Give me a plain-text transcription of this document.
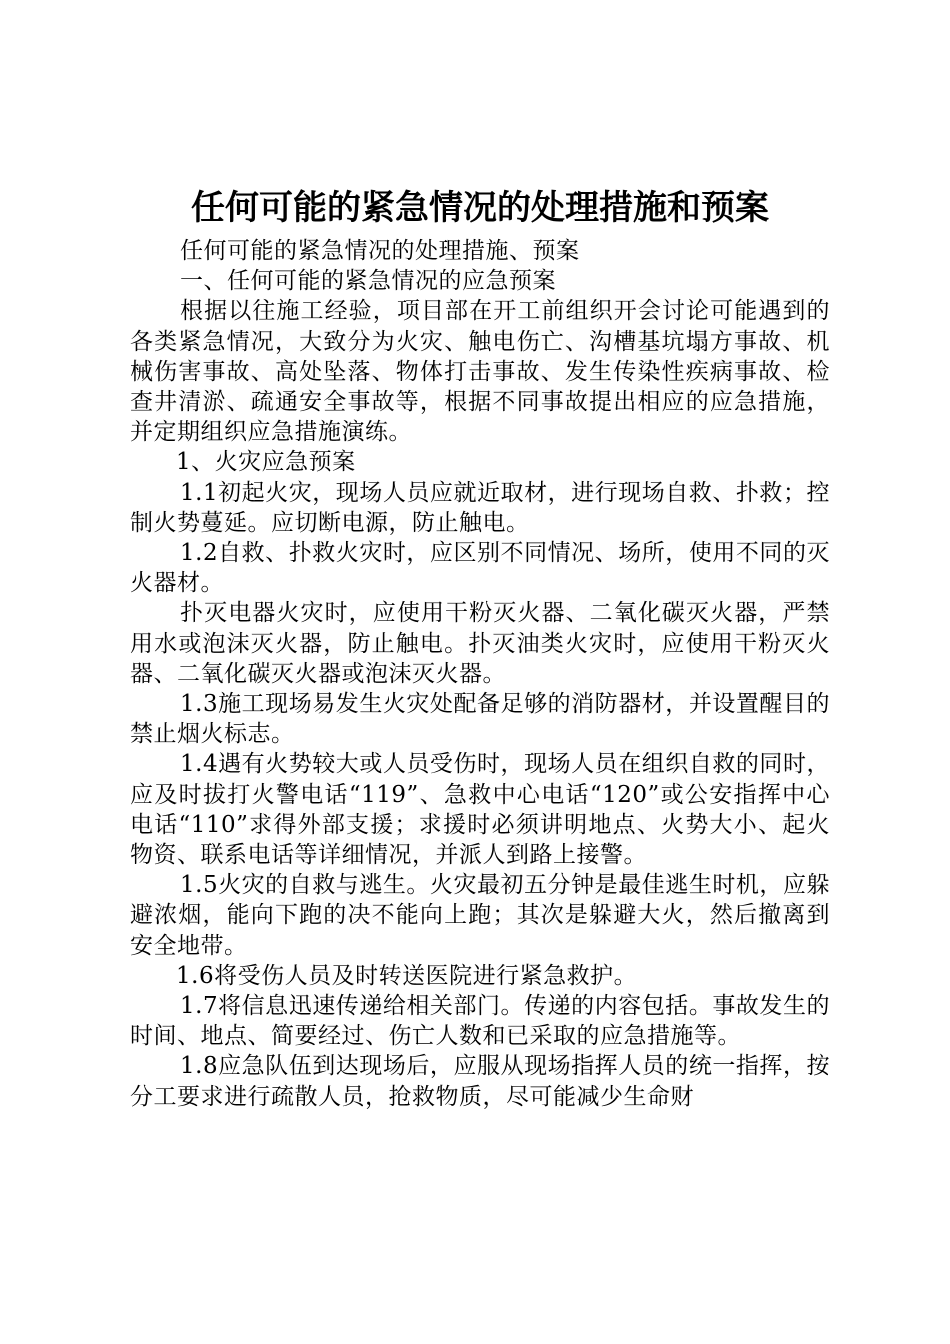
任何可能的紧急情况的处理措施和预案

任何可能的紧急情况的处理措施、预案

一、任何可能的紧急情况的应急预案

根据以往施工经验，项目部在开工前组织开会讨论可能遇到的各类紧急情况，大致分为火灾、触电伤亡、沟槽基坑塌方事故、机械伤害事故、高处坠落、物体打击事故、发生传染性疾病事故、检查井清淤、疏通安全事故等，根据不同事故提出相应的应急措施，并定期组织应急措施演练。

1、火灾应急预案

1.1初起火灾，现场人员应就近取材，进行现场自救、扑救；控制火势蔓延。应切断电源，防止触电。

1.2自救、扑救火灾时，应区别不同情况、场所，使用不同的灭火器材。

扑灭电器火灾时，应使用干粉灭火器、二氧化碳灭火器，严禁用水或泡沫灭火器，防止触电。扑灭油类火灾时，应使用干粉灭火器、二氧化碳灭火器或泡沫灭火器。

1.3施工现场易发生火灾处配备足够的消防器材，并设置醒目的禁止烟火标志。

1.4遇有火势较大或人员受伤时，现场人员在组织自救的同时，应及时拔打火警电话“119”、急救中心电话“120”或公安指挥中心电话“110”求得外部支援；求援时必须讲明地点、火势大小、起火物资、联系电话等详细情况，并派人到路上接警。

1.5火灾的自救与逃生。火灾最初五分钟是最佳逃生时机，应躲避浓烟，能向下跑的决不能向上跑；其次是躲避大火，然后撤离到安全地带。

1.6将受伤人员及时转送医院进行紧急救护。

1.7将信息迅速传递给相关部门。传递的内容包括。事故发生的时间、地点、简要经过、伤亡人数和已采取的应急措施等。

1.8应急队伍到达现场后，应服从现场指挥人员的统一指挥，按分工要求进行疏散人员，抢救物质，尽可能减少生命财
